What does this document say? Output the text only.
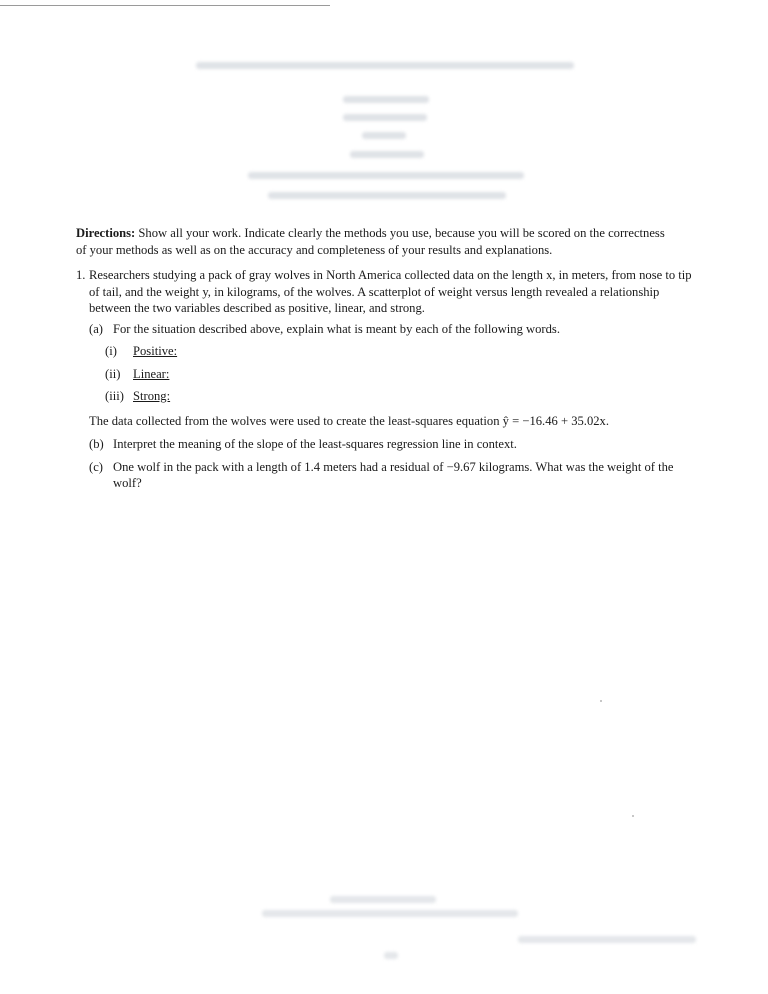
Directions: Show all your work. Indicate clearly the methods you use, because you will be scored on the correctness of your methods as well as on the accuracy and completeness of your results and explanations.
1. Researchers studying a pack of gray wolves in North America collected data on the length x, in meters, from nose to tip of tail, and the weight y, in kilograms, of the wolves. A scatterplot of weight versus length revealed a relationship between the two variables described as positive, linear, and strong.
(a) For the situation described above, explain what is meant by each of the following words.
(i) Positive:
(ii) Linear:
(iii) Strong:
The data collected from the wolves were used to create the least-squares equation ŷ = −16.46 + 35.02x.
(b) Interpret the meaning of the slope of the least-squares regression line in context.
(c) One wolf in the pack with a length of 1.4 meters had a residual of −9.67 kilograms. What was the weight of the wolf?
